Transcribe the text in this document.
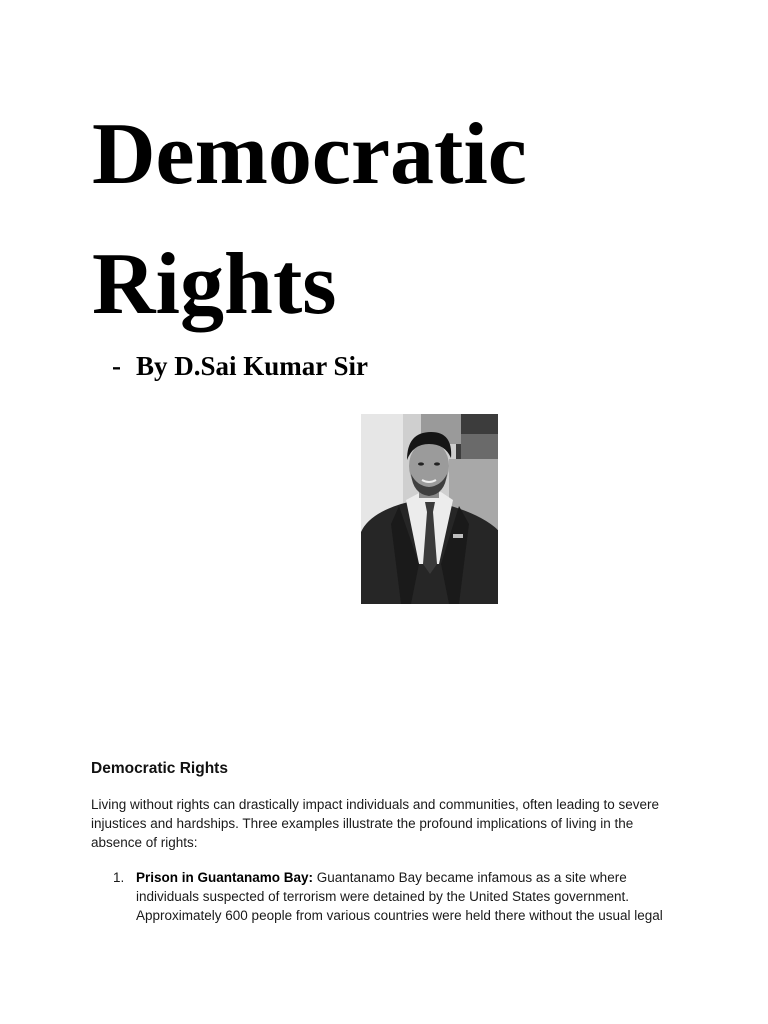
Democratic
Rights

- By D.Sai Kumar Sir

Democratic Rights

Living without rights can drastically impact individuals and communities, often leading to severe injustices and hardships. Three examples illustrate the profound implications of living in the absence of rights:

1. Prison in Guantanamo Bay: Guantanamo Bay became infamous as a site where individuals suspected of terrorism were detained by the United States government. Approximately 600 people from various countries were held there without the usual legal
